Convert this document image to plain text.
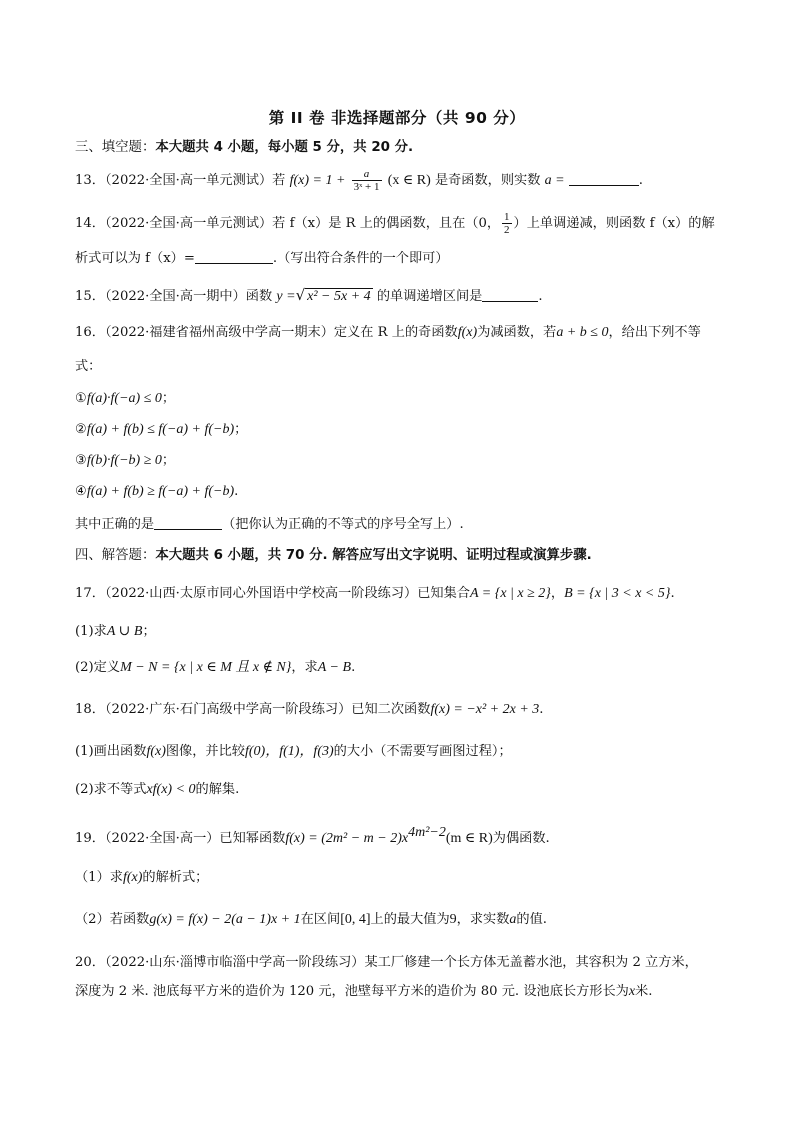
第 II 卷 非选择题部分（共 90 分）
三、填空题：本大题共 4 小题，每小题 5 分，共 20 分.
13．（2022·全国·高一单元测试）若 $f(x) = 1 + \frac{a}{\text{3ˣ + 1}} (x$ ∈ R) 是奇函数，则实数 a =	.
14．（2022·全国·高一单元测试）若 f（x）是 R 上的偶函数，且在（0， $\frac{1}{2}$ ）上单调递减，则函数 f（x）的解
析式可以为 f（x）=	.（写出符合条件的一个即可）
15．（2022·全国·高一期中）函数 y =√ x² − 5x + 4 的单调递增区间是	.
16．（2022·福建省福州高级中学高一期末）定义在 R 上的奇函数f(x)为减函数，若a + b ≤ 0，给出下列不等
式：
①f(a)·f(−a) ≤ 0；
②f(a) + f(b) ≤ f(−a) + f(−b)；
③f(b)·f(−b) ≥ 0；
④f(a) + f(b) ≥ f(−a) + f(−b).
其中正确的是	（把你认为正确的不等式的序号全写上）.
四、解答题：本大题共 6 小题，共 70 分. 解答应写出文字说明、证明过程或演算步骤.
17．（2022·山西·太原市同心外国语中学校高一阶段练习）已知集合A = {x | x ≥ 2}，B = {x | 3 < x < 5}.
(1)求A ∪ B；
(2)定义M − N = {x | x ∈ M 且 x ∉ N}，求A − B.
18．（2022·广东·石门高级中学高一阶段练习）已知二次函数f(x) = −x² + 2x + 3.
(1)画出函数f(x)图像，并比较f(0)，f(1)，f(3)的大小（不需要写画图过程）；
(2)求不等式xf(x) < 0的解集.
19．（2022·全国·高一）已知幂函数$f(x) = (2m^2 - m - 2)x^{4m^2-2}(m$ ∈ R)为偶函数.
（1）求f(x)的解析式；
（2）若函数g(x) = f(x) − 2(a − 1)x + 1在区间[0, 4]上的最大值为9，求实数a的值.
20．（2022·山东·淄博市临淄中学高一阶段练习）某工厂修建一个长方体无盖蓄水池，其容积为 2 立方米，
深度为 2 米. 池底每平方米的造价为 120 元，池壁每平方米的造价为 80 元. 设池底长方形长为x米.
